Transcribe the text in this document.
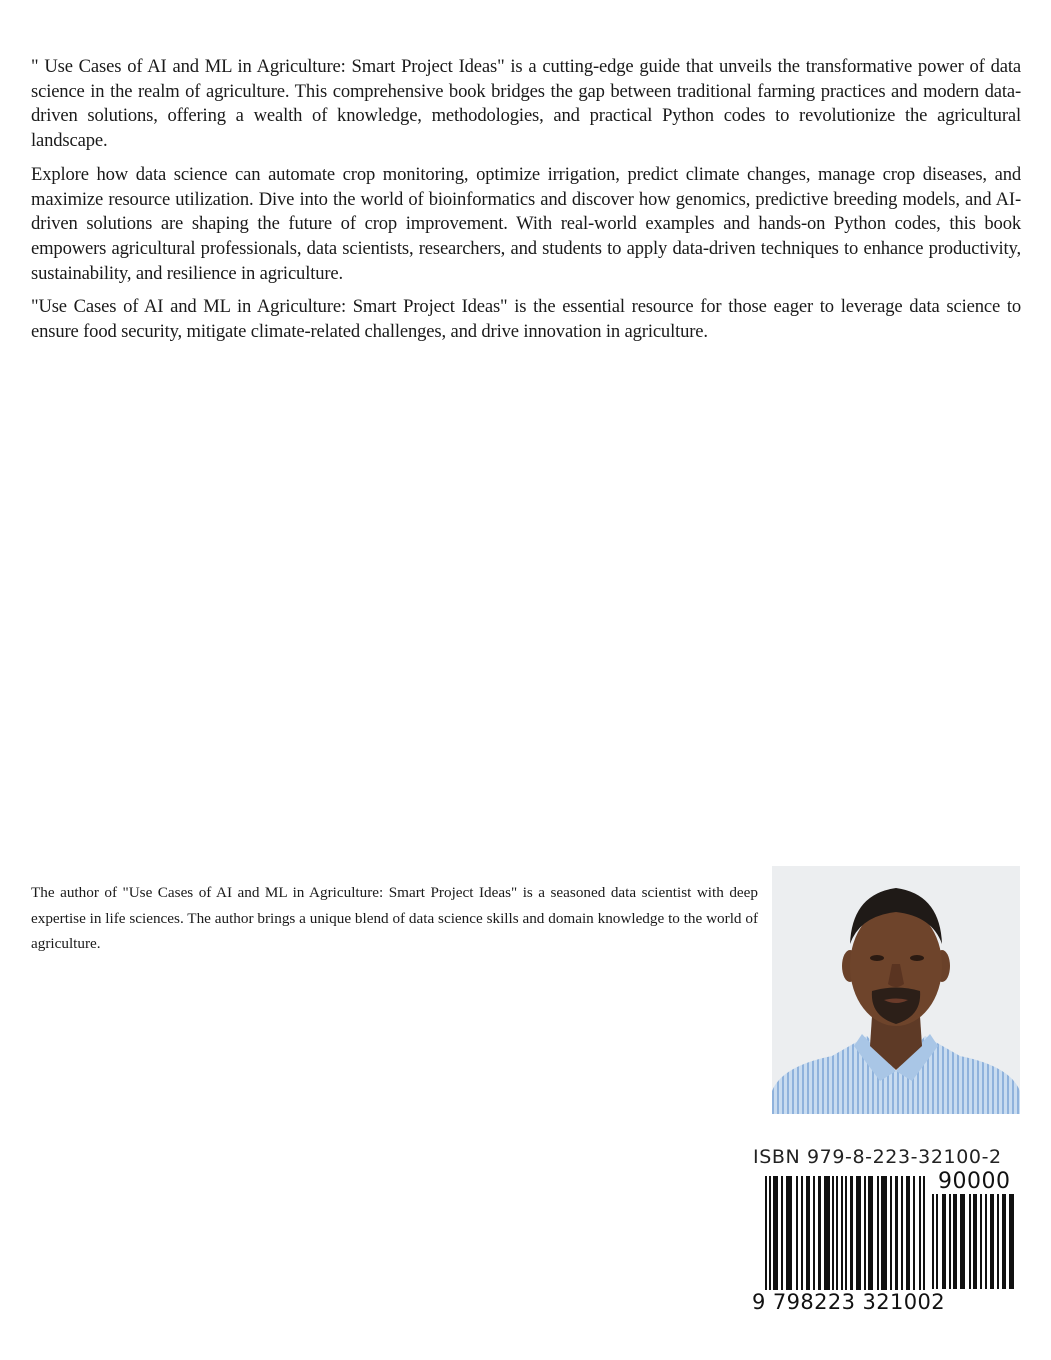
" Use Cases of AI and ML in Agriculture: Smart Project Ideas" is a cutting-edge guide that unveils the transformative power of data science in the realm of agriculture. This comprehensive book bridges the gap between traditional farming practices and modern data-driven solutions, offering a wealth of knowledge, methodologies, and practical Python codes to revolutionize the agricultural landscape.

Explore how data science can automate crop monitoring, optimize irrigation, predict climate changes, manage crop diseases, and maximize resource utilization. Dive into the world of bioinformatics and discover how genomics, predictive breeding models, and AI-driven solutions are shaping the future of crop improvement. With real-world examples and hands-on Python codes, this book empowers agricultural professionals, data scientists, researchers, and students to apply data-driven techniques to enhance productivity, sustainability, and resilience in agriculture.

"Use Cases of AI and ML in Agriculture: Smart Project Ideas" is the essential resource for those eager to leverage data science to ensure food security, mitigate climate-related challenges, and drive innovation in agriculture.

The author of "Use Cases of AI and ML in Agriculture: Smart Project Ideas" is a seasoned data scientist with deep expertise in life sciences. The author brings a unique blend of data science skills and domain knowledge to the world of agriculture.

ISBN 979-8-223-32100-2
90000
9 798223 321002
